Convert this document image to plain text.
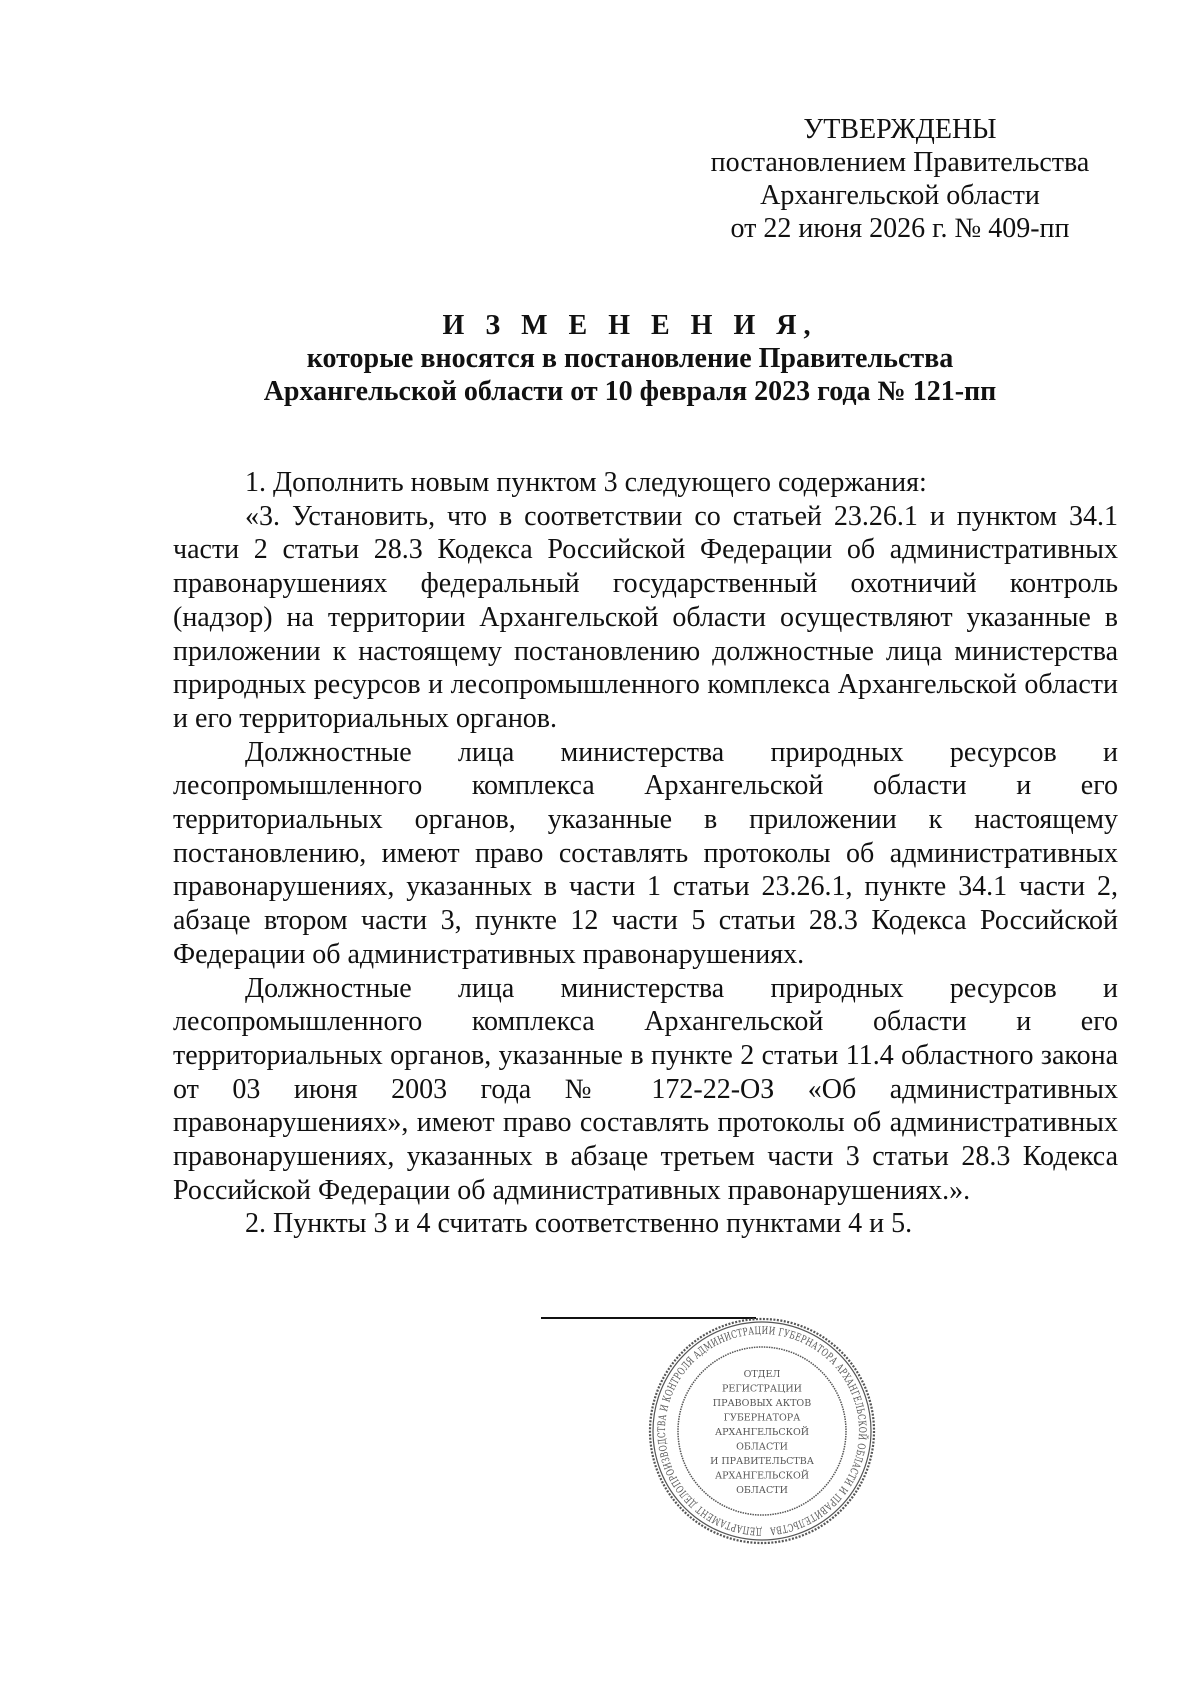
УТВЕРЖДЕНЫ
постановлением Правительства
Архангельской области
от 22 июня 2026 г. № 409-пп
И З М Е Н Е Н И Я,
которые вносятся в постановление Правительства
Архангельской области от 10 февраля 2023 года № 121-пп

1. Дополнить новым пунктом 3 следующего содержания:

«3. Установить, что в соответствии со статьей 23.26.1 и пунктом 34.1 части 2 статьи 28.3 Кодекса Российской Федерации об административных правонарушениях федеральный государственный охотничий контроль (надзор) на территории Архангельской области осуществляют указанные в приложении к настоящему постановлению должностные лица министерства природных ресурсов и лесопромышленного комплекса Архангельской области и его территориальных органов.

Должностные лица министерства природных ресурсов и лесопромышленного комплекса Архангельской области и его территориальных органов, указанные в приложении к настоящему постановлению, имеют право составлять протоколы об административных правонарушениях, указанных в части 1 статьи 23.26.1, пункте 34.1 части 2, абзаце втором части 3, пункте 12 части 5 статьи 28.3 Кодекса Российской Федерации об административных правонарушениях.

Должностные лица министерства природных ресурсов и лесопромышленного комплекса Архангельской области и его территориальных органов, указанные в пункте 2 статьи 11.4 областного закона от 03 июня 2003 года № 172-22-ОЗ «Об административных правонарушениях», имеют право составлять протоколы об административных правонарушениях, указанных в абзаце третьем части 3 статьи 28.3 Кодекса Российской Федерации об административных правонарушениях.».

2. Пункты 3 и 4 считать соответственно пунктами 4 и 5.

ДЕПАРТАМЕНТ ДЕЛОПРОИЗВОДСТВА И КОНТРОЛЯ АДМИНИСТРАЦИИ ГУБЕРНАТОРА АРХАНГЕЛЬСКОЙ ОБЛАСТИ И ПРАВИТЕЛЬСТВА
ОТДЕЛ
РЕГИСТРАЦИИ
ПРАВОВЫХ АКТОВ
ГУБЕРНАТОРА
АРХАНГЕЛЬСКОЙ
ОБЛАСТИ
И ПРАВИТЕЛЬСТВА
АРХАНГЕЛЬСКОЙ
ОБЛАСТИ
